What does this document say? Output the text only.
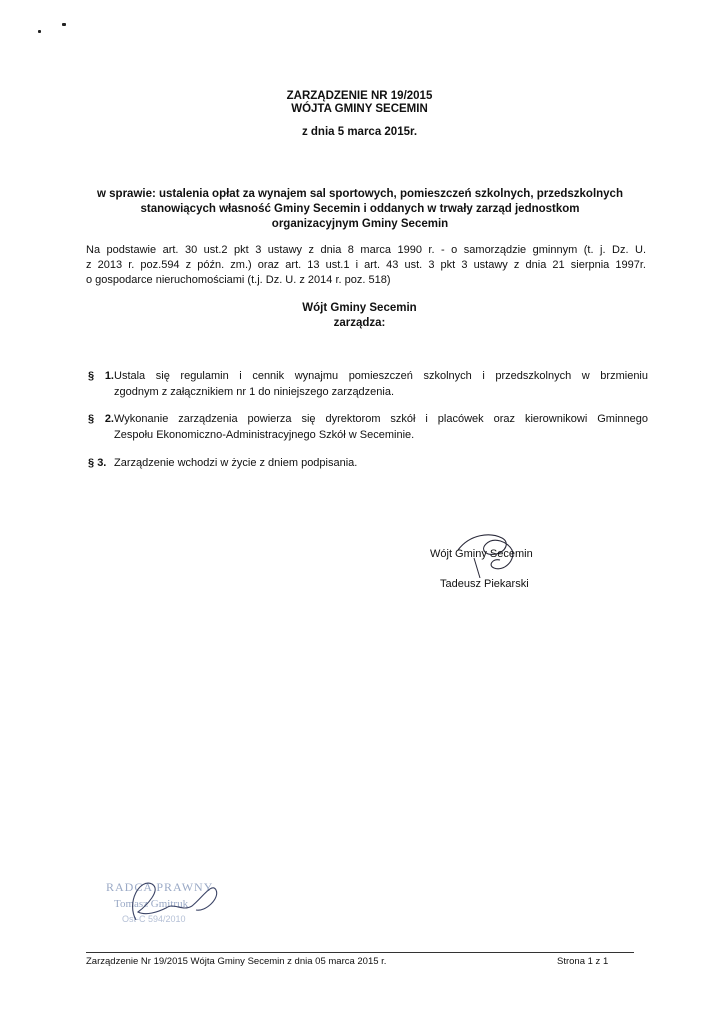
ZARZĄDZENIE NR 19/2015
WÓJTA GMINY SECEMIN
z dnia 5 marca 2015r.
w sprawie: ustalenia opłat za wynajem sal sportowych, pomieszczeń szkolnych, przedszkolnych
stanowiących własność Gminy Secemin i oddanych w trwały zarząd jednostkom
organizacyjnym Gminy Secemin
Na podstawie art. 30 ust.2 pkt 3 ustawy z dnia 8 marca 1990 r. - o samorządzie gminnym (t. j. Dz. U.
z 2013 r. poz.594 z późn. zm.) oraz art. 13 ust.1 i art. 43 ust. 3 pkt 3 ustawy z dnia 21 sierpnia 1997r.
o gospodarce nieruchomościami (t.j. Dz. U. z 2014 r. poz. 518)
Wójt Gminy Secemin
zarządza:
§ 1.Ustala się regulamin i cennik wynajmu pomieszczeń szkolnych i przedszkolnych w brzmieniu
zgodnym z załącznikiem nr 1 do niniejszego zarządzenia.
§ 2.Wykonanie zarządzenia powierza się dyrektorom szkół i placówek oraz kierownikowi Gminnego
Zespołu Ekonomiczno-Administracyjnego Szkół w Seceminie.
§ 3. Zarządzenie wchodzi w życie z dniem podpisania.
Wójt Gminy Secemin
Tadeusz Piekarski
RADCA PRAWNY
Tomasz Gmitruk
Ost-C 594/2010
Zarządzenie Nr 19/2015 Wójta Gminy Secemin z dnia 05 marca 2015 r.	Strona 1 z 1
